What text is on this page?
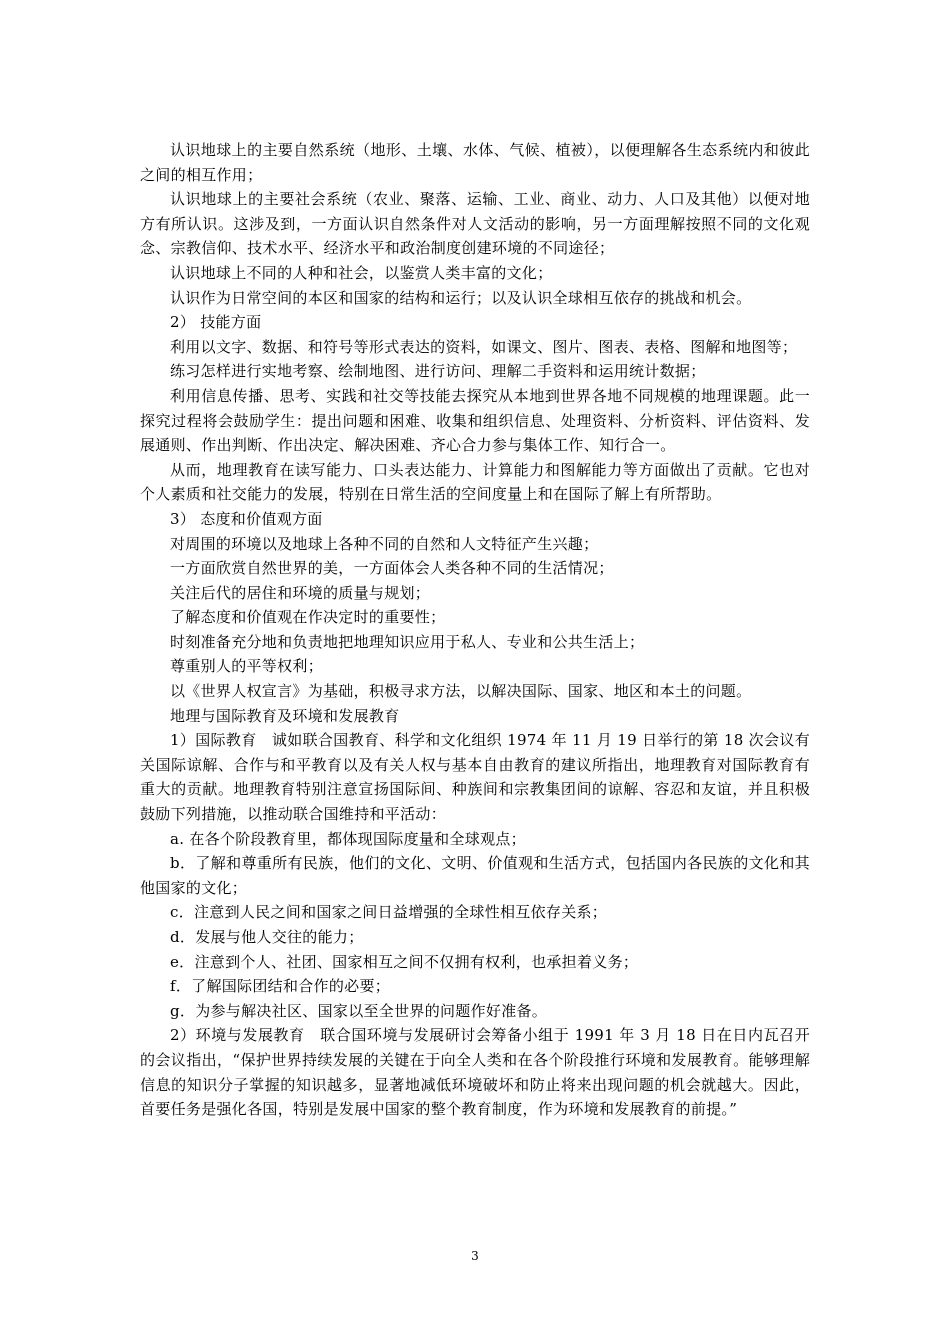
认识地球上的主要自然系统（地形、土壤、水体、气候、植被），以便理解各生态系统内和彼此之间的相互作用；

认识地球上的主要社会系统（农业、聚落、运输、工业、商业、动力、人口及其他）以便对地方有所认识。这涉及到，一方面认识自然条件对人文活动的影响，另一方面理解按照不同的文化观念、宗教信仰、技术水平、经济水平和政治制度创建环境的不同途径；

认识地球上不同的人种和社会，以鉴赏人类丰富的文化；

认识作为日常空间的本区和国家的结构和运行；以及认识全球相互依存的挑战和机会。

2） 技能方面

利用以文字、数据、和符号等形式表达的资料，如课文、图片、图表、表格、图解和地图等；

练习怎样进行实地考察、绘制地图、进行访问、理解二手资料和运用统计数据；

利用信息传播、思考、实践和社交等技能去探究从本地到世界各地不同规模的地理课题。此一探究过程将会鼓励学生：提出问题和困难、收集和组织信息、处理资料、分析资料、评估资料、发展通则、作出判断、作出决定、解决困难、齐心合力参与集体工作、知行合一。

从而，地理教育在读写能力、口头表达能力、计算能力和图解能力等方面做出了贡献。它也对个人素质和社交能力的发展，特别在日常生活的空间度量上和在国际了解上有所帮助。

3） 态度和价值观方面

对周围的环境以及地球上各种不同的自然和人文特征产生兴趣；

一方面欣赏自然世界的美，一方面体会人类各种不同的生活情况；

关注后代的居住和环境的质量与规划；

了解态度和价值观在作决定时的重要性；

时刻准备充分地和负责地把地理知识应用于私人、专业和公共生活上；

尊重别人的平等权利；

以《世界人权宣言》为基础，积极寻求方法，以解决国际、国家、地区和本土的问题。

地理与国际教育及环境和发展教育

1）国际教育　诚如联合国教育、科学和文化组织 1974 年 11 月 19 日举行的第 18 次会议有关国际谅解、合作与和平教育以及有关人权与基本自由教育的建议所指出，地理教育对国际教育有重大的贡献。地理教育特别注意宣扬国际间、种族间和宗教集团间的谅解、容忍和友谊，并且积极鼓励下列措施，以推动联合国维持和平活动：

a. 在各个阶段教育里，都体现国际度量和全球观点；

b．了解和尊重所有民族，他们的文化、文明、价值观和生活方式，包括国内各民族的文化和其他国家的文化；

c．注意到人民之间和国家之间日益增强的全球性相互依存关系；

d．发展与他人交往的能力；

e．注意到个人、社团、国家相互之间不仅拥有权利，也承担着义务；

f．了解国际团结和合作的必要；

g．为参与解决社区、国家以至全世界的问题作好准备。

2）环境与发展教育　联合国环境与发展研讨会筹备小组于 1991 年 3 月 18 日在日内瓦召开的会议指出，“保护世界持续发展的关键在于向全人类和在各个阶段推行环境和发展教育。能够理解信息的知识分子掌握的知识越多，显著地减低环境破坏和防止将来出现问题的机会就越大。因此，首要任务是强化各国，特别是发展中国家的整个教育制度，作为环境和发展教育的前提。”

3
